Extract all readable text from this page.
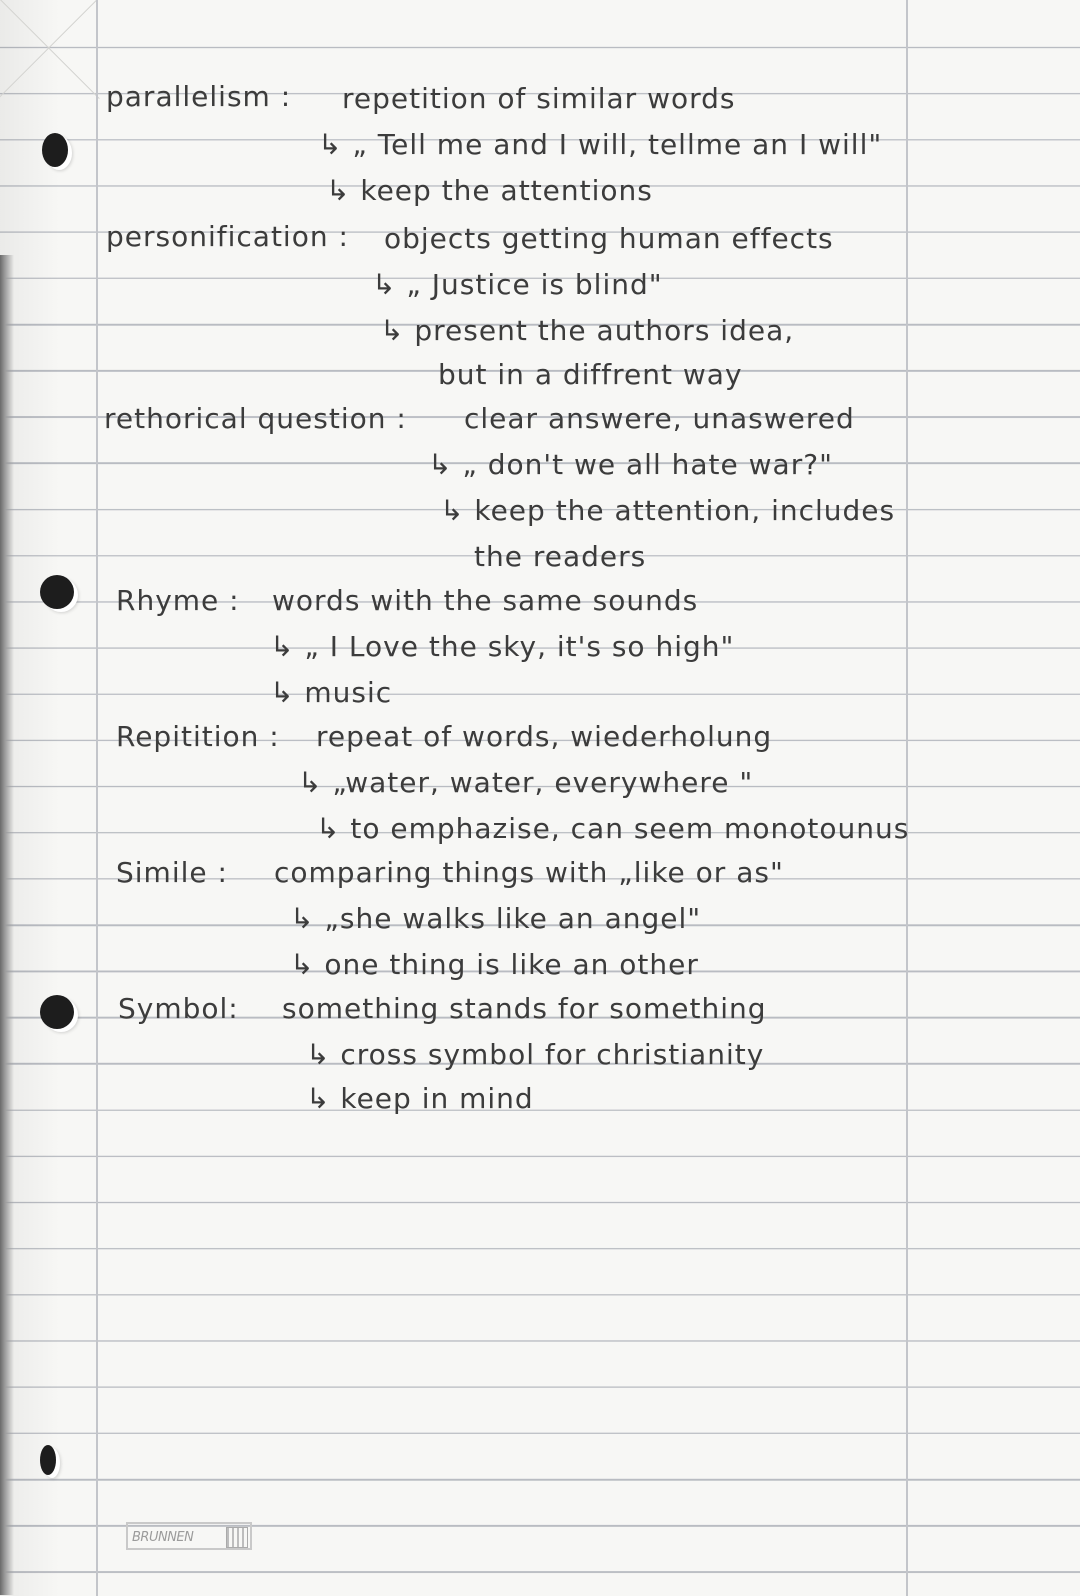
parallelism : repetition of similar words
↳ „ Tell me and I will, tellme an I will"
↳ keep the attentions
personification : objects getting human effects
↳ „ Justice is blind"
↳ present the authors idea,
but in a diffrent way
rethorical question : clear answere, unaswered
↳ „ don't we all hate war?"
↳ keep the attention, includes
the readers
Rhyme : words with the same sounds
↳ „ I Love the sky, it's so high"
↳ music
Repitition : repeat of words, wiederholung
↳ „water, water, everywhere "
↳ to emphazise, can seem monotounus
Simile : comparing things with „like or as"
↳ „she walks like an angel"
↳ one thing is like an other
Symbol: something stands for something
↳ cross symbol for christianity
↳ keep in mind
BRUNNEN
